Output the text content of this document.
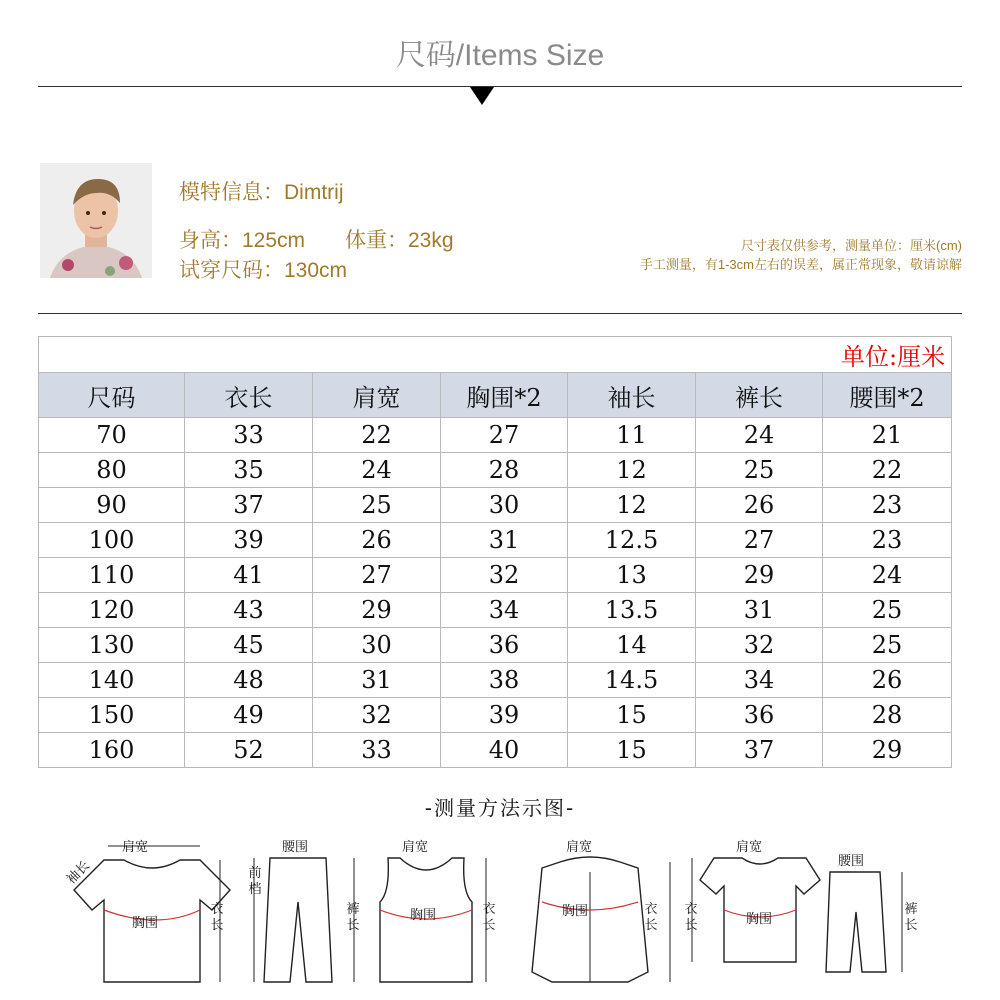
尺码/Items Size
模特信息：Dimtrij
身高：125cm 体重：23kg
试穿尺码：130cm
尺寸表仅供参考，测量单位：厘米(cm)
手工测量，有1-3cm左右的误差，属正常现象，敬请谅解
单位:厘米						
尺码	衣长	肩宽	胸围*2	袖长	裤长	腰围*2
70	33	22	27	11	24	21
80	35	24	28	12	25	22
90	37	25	30	12	26	23
100	39	26	31	12.5	27	23
110	41	27	32	13	29	24
120	43	29	34	13.5	31	25
130	45	30	36	14	32	25
140	48	31	38	14.5	34	26
150	49	32	39	15	36	28
160	52	33	40	15	37	29
-测量方法示图-
肩宽
袖长
胸围
衣长
腰围
前档
肩宽
裤长
胸围	衣长
肩宽
胸围	衣长
肩宽
衣长	胸围
腰围
裤长
